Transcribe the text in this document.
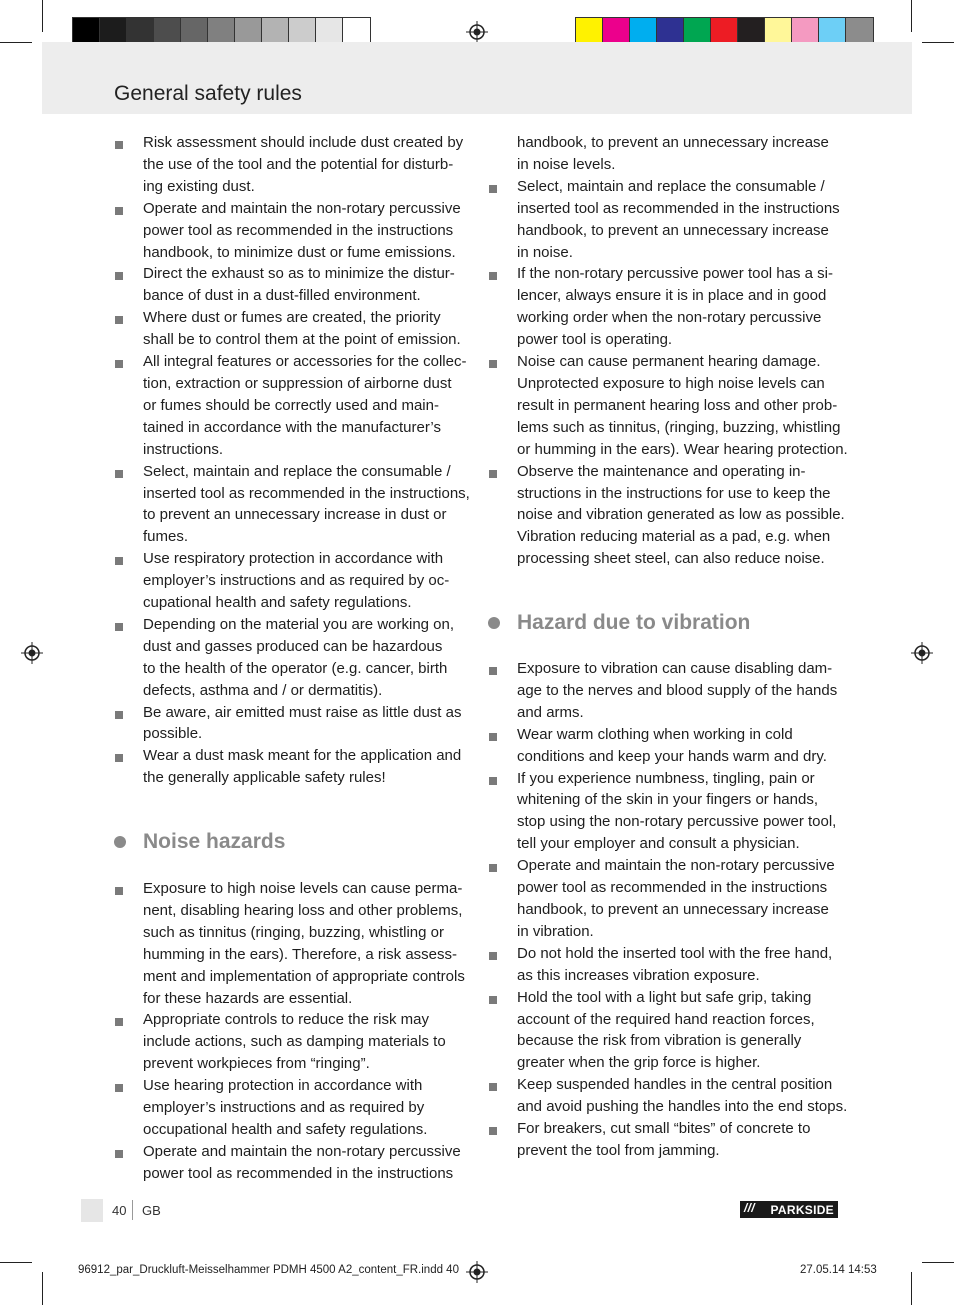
General safety rules
Risk assessment should include dust created by
the use of the tool and the potential for disturb-
ing existing dust.
Operate and maintain the non-rotary percussive
power tool as recommended in the instructions
handbook, to minimize dust or fume emissions.
Direct the exhaust so as to minimize the distur-
bance of dust in a dust-filled environment.
Where dust or fumes are created, the priority
shall be to control them at the point of emission.
All integral features or accessories for the collec-
tion, extraction or suppression of airborne dust
or fumes should be correctly used and main-
tained in accordance with the manufacturer’s
instructions.
Select, maintain and replace the consumable /
inserted tool as recommended in the instructions,
to prevent an unnecessary increase in dust or
fumes.
Use respiratory protection in accordance with
employer’s instructions and as required by oc-
cupational health and safety regulations.
Depending on the material you are working on,
dust and gasses produced can be hazardous
to the health of the operator (e.g. cancer, birth
defects, asthma and / or dermatitis).
Be aware, air emitted must raise as little dust as
possible.
Wear a dust mask meant for the application and
the generally applicable safety rules!
Noise hazards
Exposure to high noise levels can cause perma-
nent, disabling hearing loss and other problems,
such as tinnitus (ringing, buzzing, whistling or
humming in the ears). Therefore, a risk assess-
ment and implementation of appropriate controls
for these hazards are essential.
Appropriate controls to reduce the risk may
include actions, such as damping materials to
prevent workpieces from “ringing”.
Use hearing protection in accordance with
employer’s instructions and as required by
occupational health and safety regulations.
Operate and maintain the non-rotary percussive
power tool as recommended in the instructions
handbook, to prevent an unnecessary increase
in noise levels.
Select, maintain and replace the consumable /
inserted tool as recommended in the instructions
handbook, to prevent an unnecessary increase
in noise.
If the non-rotary percussive power tool has a si-
lencer, always ensure it is in place and in good
working order when the non-rotary percussive
power tool is operating.
Noise can cause permanent hearing damage.
Unprotected exposure to high noise levels can
result in permanent hearing loss and other prob-
lems such as tinnitus, (ringing, buzzing, whistling
or humming in the ears). Wear hearing protection.
Observe the maintenance and operating in-
structions in the instructions for use to keep the
noise and vibration generated as low as possible.
Vibration reducing material as a pad, e.g. when
processing sheet steel, can also reduce noise.
Hazard due to vibration
Exposure to vibration can cause disabling dam-
age to the nerves and blood supply of the hands
and arms.
Wear warm clothing when working in cold
conditions and keep your hands warm and dry.
If you experience numbness, tingling, pain or
whitening of the skin in your fingers or hands,
stop using the non-rotary percussive power tool,
tell your employer and consult a physician.
Operate and maintain the non-rotary percussive
power tool as recommended in the instructions
handbook, to prevent an unnecessary increase
in vibration.
Do not hold the inserted tool with the free hand,
as this increases vibration exposure.
Hold the tool with a light but safe grip, taking
account of the required hand reaction forces,
because the risk from vibration is generally
greater when the grip force is higher.
Keep suspended handles in the central position
and avoid pushing the handles into the end stops.
For breakers, cut small “bites” of concrete to
prevent the tool from jamming.
40 GB	/// PARKSIDE
96912_par_Druckluft-Meisselhammer PDMH 4500 A2_content_FR.indd 40	27.05.14 14:53
